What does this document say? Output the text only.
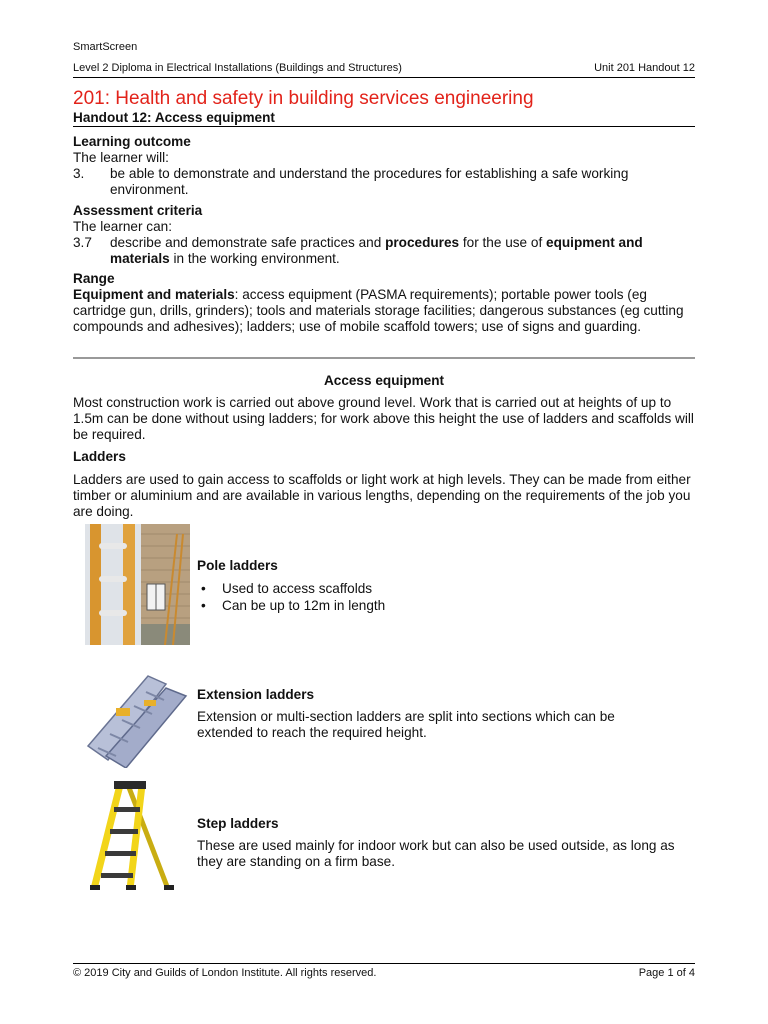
SmartScreen
Level 2 Diploma in Electrical Installations (Buildings and Structures)	Unit 201 Handout 12
201: Health and safety in building services engineering
Handout 12: Access equipment
Learning outcome
The learner will:
3.	be able to demonstrate and understand the procedures for establishing a safe working environment.
Assessment criteria
The learner can:
3.7	describe and demonstrate safe practices and procedures for the use of equipment and materials in the working environment.
Range
Equipment and materials: access equipment (PASMA requirements); portable power tools (eg cartridge gun, drills, grinders); tools and materials storage facilities; dangerous substances (eg cutting compounds and adhesives); ladders; use of mobile scaffold towers; use of signs and guarding.
Access equipment
Most construction work is carried out above ground level. Work that is carried out at heights of up to 1.5m can be done without using ladders; for work above this height the use of ladders and scaffolds will be required.
Ladders
Ladders are used to gain access to scaffolds or light work at high levels. They can be made from either timber or aluminium and are available in various lengths, depending on the requirements of the job you are doing.
Pole ladders
• Used to access scaffolds
• Can be up to 12m in length
Extension ladders
Extension or multi-section ladders are split into sections which can be extended to reach the required height.
Step ladders
These are used mainly for indoor work but can also be used outside, as long as they are standing on a firm base.
© 2019 City and Guilds of London Institute. All rights reserved.	Page 1 of 4
